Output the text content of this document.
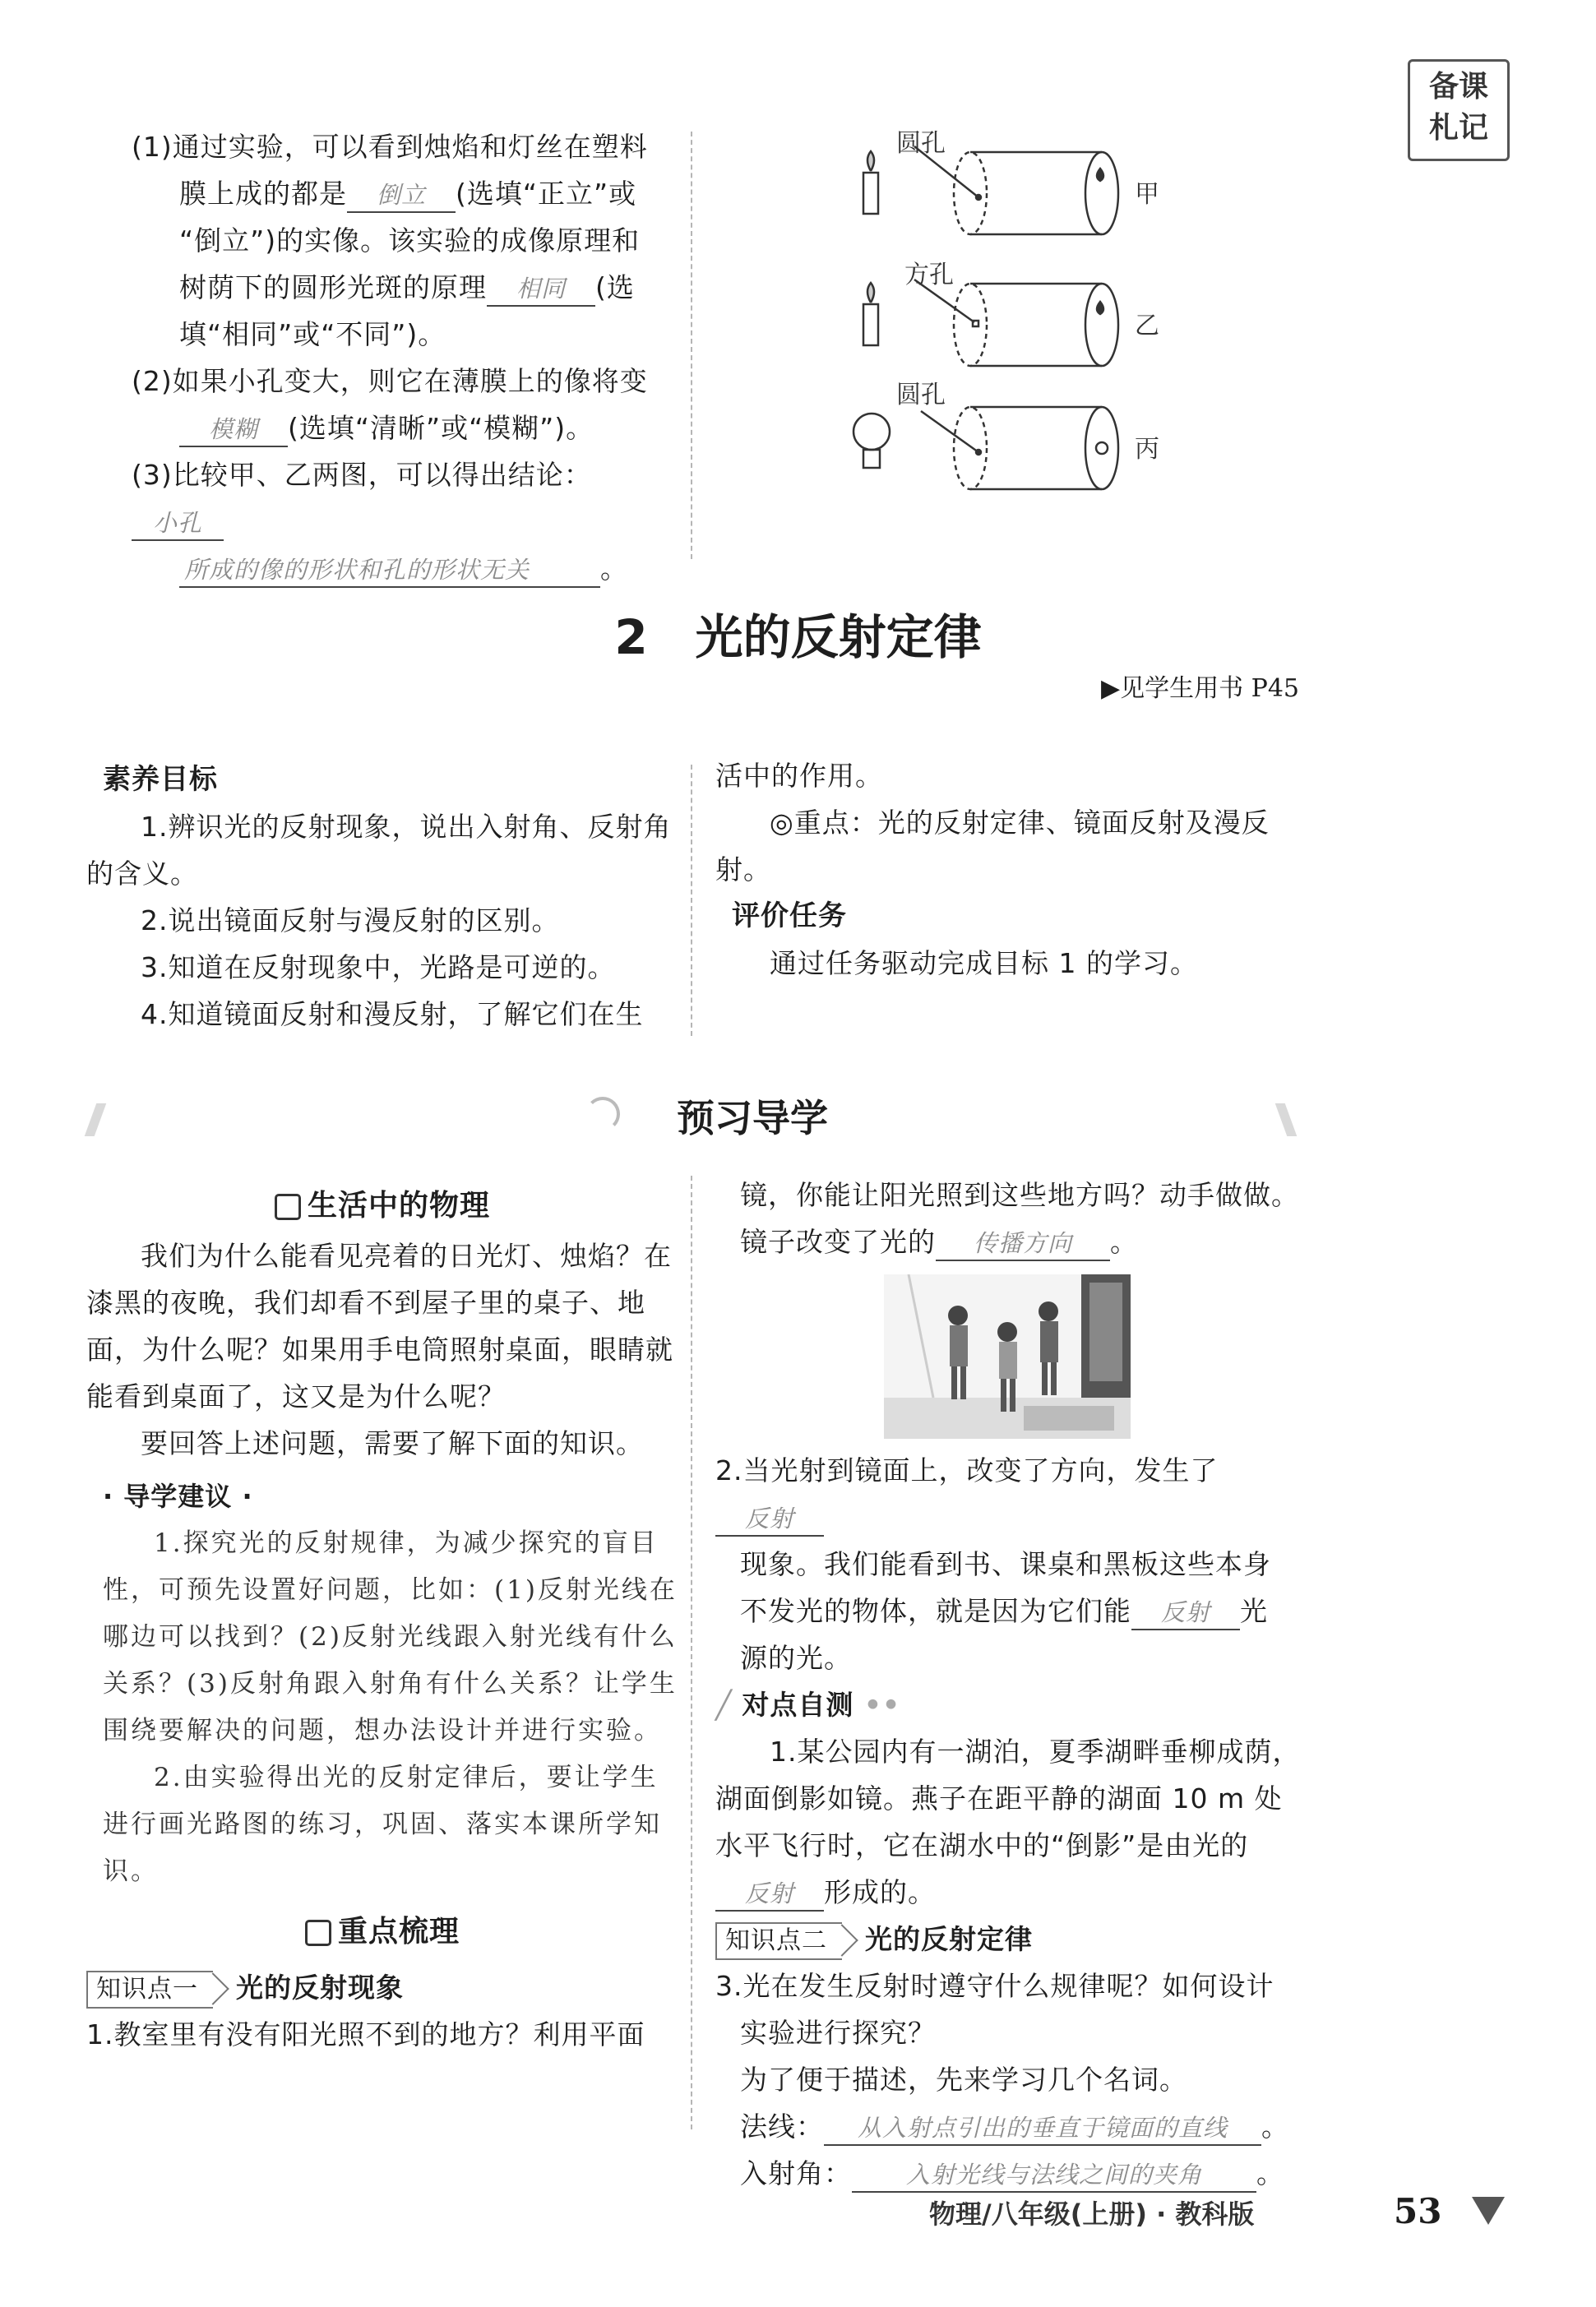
备课
札记

(1)通过实验，可以看到烛焰和灯丝在塑料

膜上成的都是 倒立 (选填“正立”或

“倒立”)的实像。该实验的成像原理和

树荫下的圆形光斑的原理 相同 (选

填“相同”或“不同”)。

(2)如果小孔变大，则它在薄膜上的像将变

模糊 (选填“清晰”或“模糊”)。

(3)比较甲、乙两图，可以得出结论：小孔

所成的像的形状和孔的形状无关	。

圆孔
方孔
圆孔
甲
乙
丙
2　光的反射定律
▶见学生用书 P45

素养目标

1.辨识光的反射现象，说出入射角、反射角的含义。

2.说出镜面反射与漫反射的区别。

3.知道在反射现象中，光路是可逆的。

4.知道镜面反射和漫反射，了解它们在生

活中的作用。

◎重点：光的反射定律、镜面反射及漫反射。

评价任务

通过任务驱动完成目标 1 的学习。

预习导学

生活中的物理

我们为什么能看见亮着的日光灯、烛焰？在漆黑的夜晚，我们却看不到屋子里的桌子、地面，为什么呢？如果用手电筒照射桌面，眼睛就能看到桌面了，这又是为什么呢？

要回答上述问题，需要了解下面的知识。

· 导学建议 ·

1.探究光的反射规律，为减少探究的盲目性，可预先设置好问题，比如：(1)反射光线在哪边可以找到？(2)反射光线跟入射光线有什么关系？(3)反射角跟入射角有什么关系？让学生围绕要解决的问题，想办法设计并进行实验。

2.由实验得出光的反射定律后，要让学生进行画光路图的练习，巩固、落实本课所学知识。

重点梳理

知识点一 光的反射现象

1.教室里有没有阳光照不到的地方？利用平面

镜，你能让阳光照到这些地方吗？动手做做。

镜子改变了光的 传播方向 。

2.当光射到镜面上，改变了方向，发生了反射

现象。我们能看到书、课桌和黑板这些本身

不发光的物体，就是因为它们能 反射 光

源的光。

╱ 对点自测 ••

1.某公园内有一湖泊，夏季湖畔垂柳成荫，湖面倒影如镜。燕子在距平静的湖面 10 m 处水平飞行时，它在湖水中的“倒影”是由光的

反射 形成的。

知识点二 光的反射定律

3.光在发生反射时遵守什么规律呢？如何设计

实验进行探究？

为了便于描述，先来学习几个名词。

法线： 从入射点引出的垂直于镜面的直线 。

入射角： 入射光线与法线之间的夹角 。

物理/八年级(上册) · 教科版	53
